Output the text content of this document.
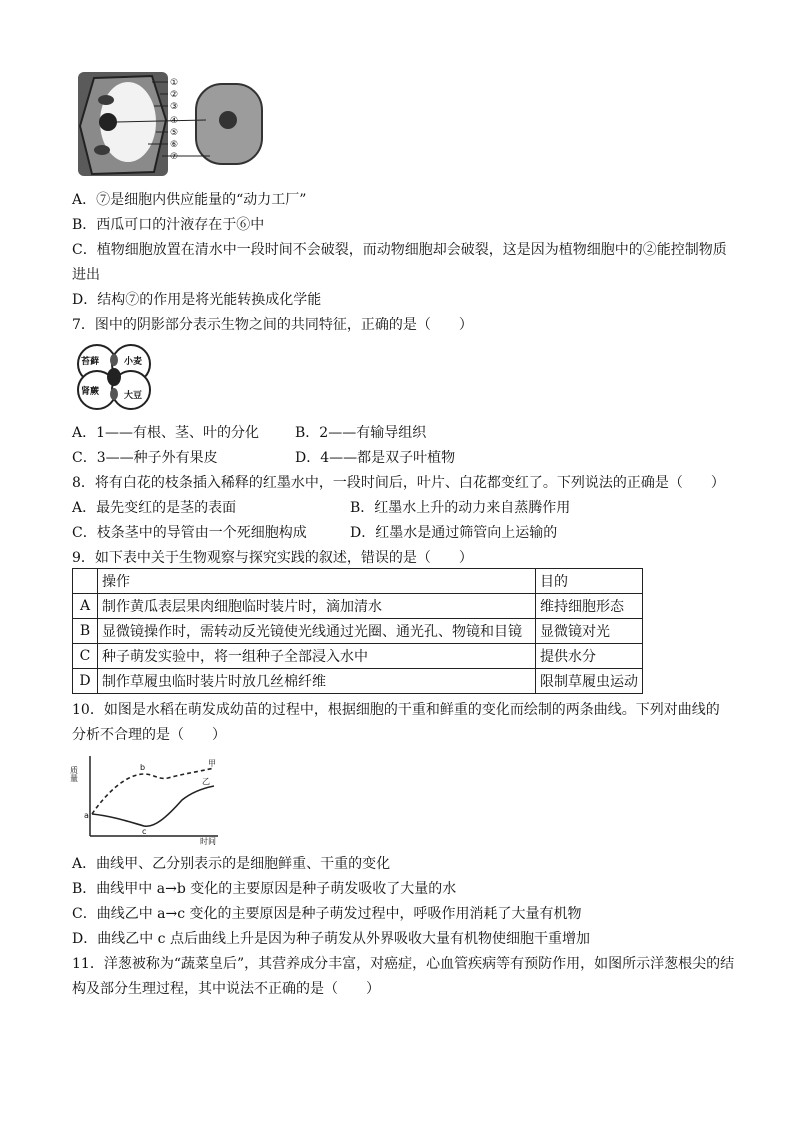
①
②
③
④
⑤
⑥
⑦
A．⑦是细胞内供应能量的“动力工厂”
B．西瓜可口的汁液存在于⑥中
C．植物细胞放置在清水中一段时间不会破裂，而动物细胞却会破裂，这是因为植物细胞中的②能控制物质
进出
D．结构⑦的作用是将光能转换成化学能
7．图中的阴影部分表示生物之间的共同特征，正确的是（　　）
苔藓	小麦
肾蕨	大豆
A．1——有根、茎、叶的分化	B．2——有输导组织
C．3——种子外有果皮	D．4——都是双子叶植物
8．将有白花的枝条插入稀释的红墨水中，一段时间后，叶片、白花都变红了。下列说法的正确是（　　）
A．最先变红的是茎的表面	B．红墨水上升的动力来自蒸腾作用
C．枝条茎中的导管由一个死细胞构成	D．红墨水是通过筛管向上运输的
9．如下表中关于生物观察与探究实践的叙述，错误的是（　　）
	操作	目的
A	制作黄瓜表层果肉细胞临时装片时，滴加清水	维持细胞形态
B	显微镜操作时，需转动反光镜使光线通过光圈、通光孔、物镜和目镜	显微镜对光
C	种子萌发实验中，将一组种子全部浸入水中	提供水分
D	制作草履虫临时装片时放几丝棉纤维	限制草履虫运动
10．如图是水稻在萌发成幼苗的过程中，根据细胞的干重和鲜重的变化而绘制的两条曲线。下列对曲线的
分析不合理的是（　　）
质量
时间
a
b
c
甲
乙
A．曲线甲、乙分别表示的是细胞鲜重、干重的变化
B．曲线甲中 a→b 变化的主要原因是种子萌发吸收了大量的水
C．曲线乙中 a→c 变化的主要原因是种子萌发过程中，呼吸作用消耗了大量有机物
D．曲线乙中 c 点后曲线上升是因为种子萌发从外界吸收大量有机物使细胞干重增加
11．洋葱被称为“蔬菜皇后”，其营养成分丰富，对癌症，心血管疾病等有预防作用，如图所示洋葱根尖的结
构及部分生理过程，其中说法不正确的是（　　）
